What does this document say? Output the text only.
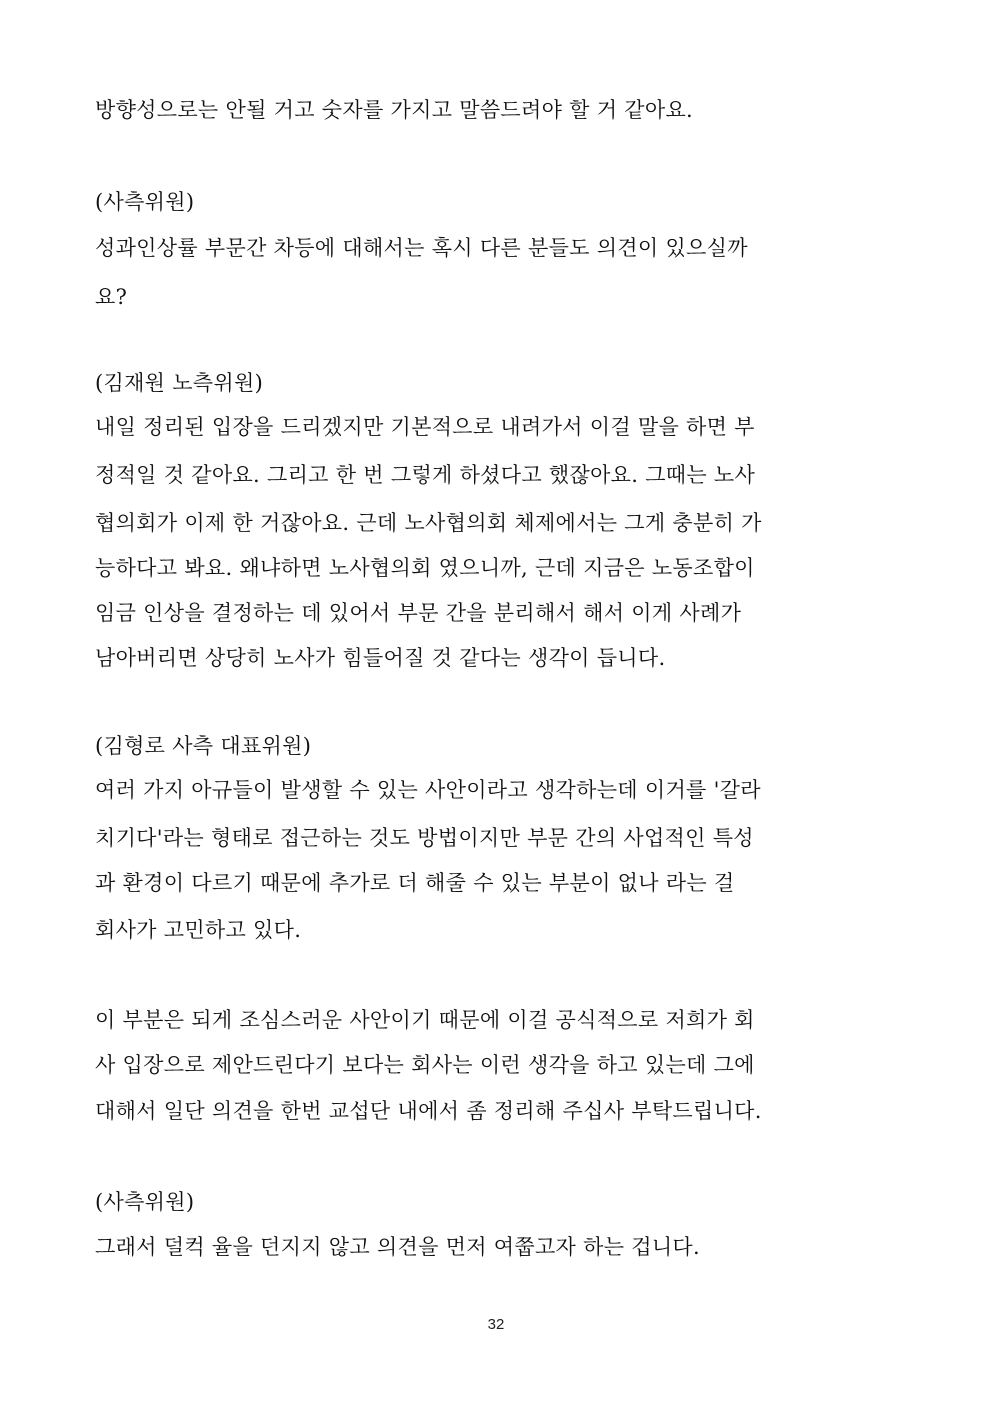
방향성으로는 안될 거고 숫자를 가지고 말씀드려야 할 거 같아요.
(사측위원)
성과인상률 부문간 차등에 대해서는 혹시 다른 분들도 의견이 있으실까
요?
(김재원 노측위원)
내일 정리된 입장을 드리겠지만 기본적으로 내려가서 이걸 말을 하면 부
정적일 것 같아요. 그리고 한 번 그렇게 하셨다고 했잖아요. 그때는 노사
협의회가 이제 한 거잖아요. 근데 노사협의회 체제에서는 그게 충분히 가
능하다고 봐요. 왜냐하면 노사협의회 였으니까, 근데 지금은 노동조합이
임금 인상을 결정하는 데 있어서 부문 간을 분리해서 해서 이게 사례가
남아버리면 상당히 노사가 힘들어질 것 같다는 생각이 듭니다.
(김형로 사측 대표위원)
여러 가지 아규들이 발생할 수 있는 사안이라고 생각하는데 이거를 '갈라
치기다'라는 형태로 접근하는 것도 방법이지만 부문 간의 사업적인 특성
과 환경이 다르기 때문에 추가로 더 해줄 수 있는 부분이 없나 라는 걸
회사가 고민하고 있다.
이 부분은 되게 조심스러운 사안이기 때문에 이걸 공식적으로 저희가 회
사 입장으로 제안드린다기 보다는 회사는 이런 생각을 하고 있는데 그에
대해서 일단 의견을 한번 교섭단 내에서 좀 정리해 주십사 부탁드립니다.
(사측위원)
그래서 덜컥 율을 던지지 않고 의견을 먼저 여쭙고자 하는 겁니다.
32
